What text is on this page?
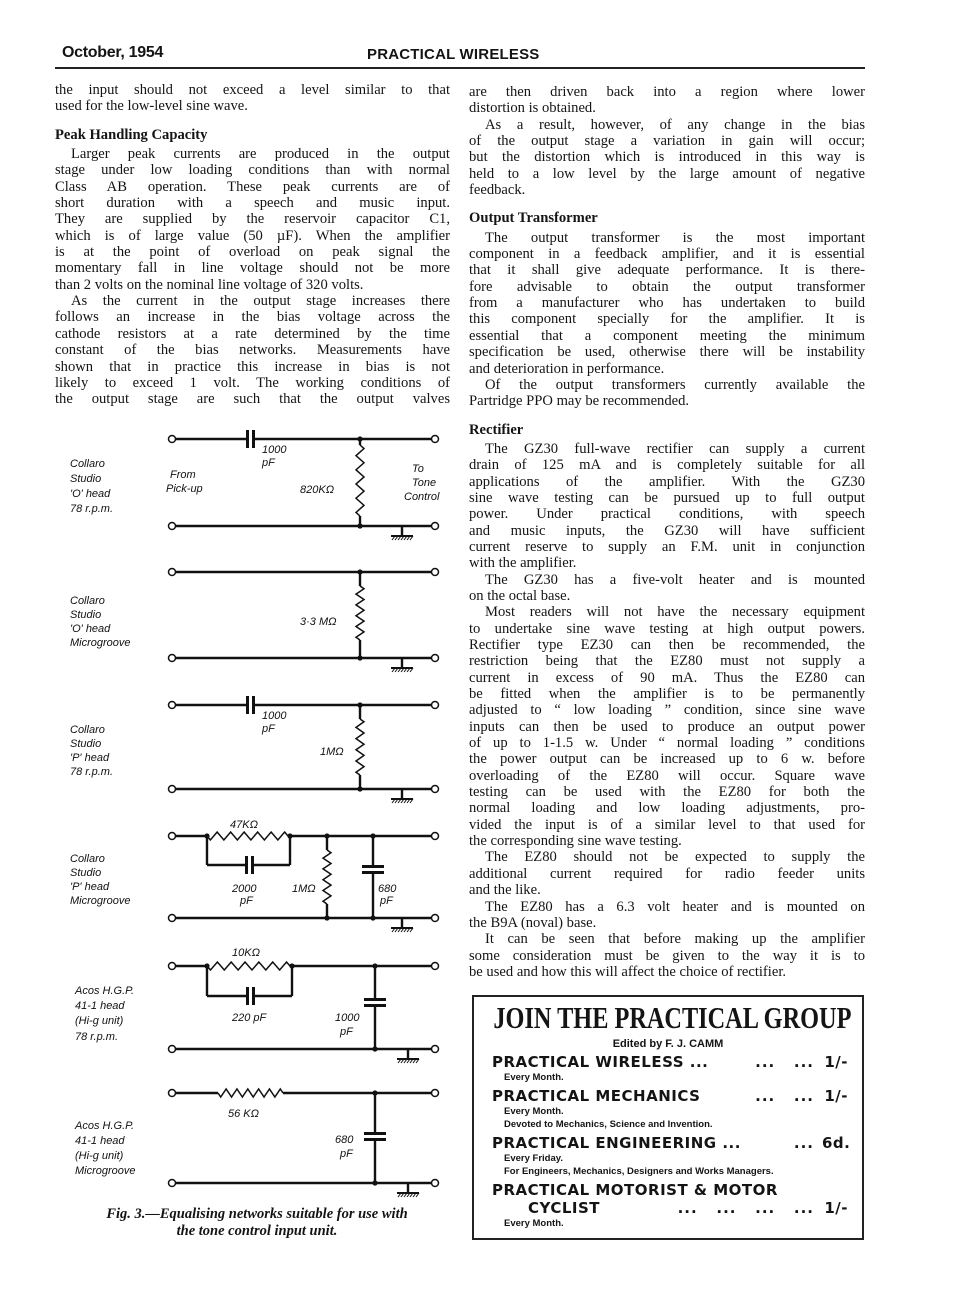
October, 1954	PRACTICAL WIRELESS
the input should not exceed a level similar to that
used for the low-level sine wave.
Peak Handling Capacity
Larger peak currents are produced in the output
stage under low loading conditions than with normal
Class AB operation. These peak currents are of
short duration with a speech and music input.
They are supplied by the reservoir capacitor C1,
which is of large value (50 µF). When the amplifier
is at the point of overload on peak signal the
momentary fall in line voltage should not be more
than 2 volts on the nominal line voltage of 320 volts.
As the current in the output stage increases there
follows an increase in the bias voltage across the
cathode resistors at a rate determined by the time
constant of the bias networks. Measurements have
shown that in practice this increase in bias is not
likely to exceed 1 volt. The working conditions of
the output stage are such that the output valves
are then driven back into a region where lower
distortion is obtained.
As a result, however, of any change in the bias
of the output stage a variation in gain will occur;
but the distortion which is introduced in this way is
held to a low level by the large amount of negative
feedback.
Output Transformer
The output transformer is the most important
component in a feedback amplifier, and it is essential
that it shall give adequate performance. It is there-
fore advisable to obtain the output transformer
from a manufacturer who has undertaken to build
this component specially for the amplifier. It is
essential that a component meeting the minimum
specification be used, otherwise there will be instability
and deterioration in performance.
Of the output transformers currently available the
Partridge PPO may be recommended.
Rectifier
The GZ30 full-wave rectifier can supply a current
drain of 125 mA and is completely suitable for all
applications of the amplifier. With the GZ30
sine wave testing can be pursued up to full output
power. Under practical conditions, with speech
and music inputs, the GZ30 will have sufficient
current reserve to supply an F.M. unit in conjunction
with the amplifier.
The GZ30 has a five-volt heater and is mounted
on the octal base.
Most readers will not have the necessary equipment
to undertake sine wave testing at high output powers.
Rectifier type EZ30 can then be recommended, the
restriction being that the EZ80 must not supply a
current in excess of 90 mA. Thus the EZ80 can
be fitted when the amplifier is to be permanently
adjusted to “ low loading ” condition, since sine wave
inputs can then be used to produce an output power
of up to 1-1.5 w. Under “ normal loading ” conditions
the power output can be increased up to 6 w. before
overloading of the EZ80 will occur. Square wave
testing can be used with the EZ80 for both the
normal loading and low loading adjustments, pro-
vided the input is of a similar level to that used for
the corresponding sine wave testing.
The EZ80 should not be expected to supply the
additional current required for radio feeder units
and the like.
The EZ80 has a 6.3 volt heater and is mounted on
the B9A (noval) base.
It can be seen that before making up the amplifier
some consideration must be given to the way it is to
be used and how this will affect the choice of rectifier.
Collaro
Studio
'O' head
78 r.p.m.
1000
pF
From
Pick-up	820KΩ
To
Tone
Control
Collaro
Studio
'O' head
Microgroove
3·3 MΩ
Collaro
Studio
'P' head
78 r.p.m.
1000
pF
1MΩ
Collaro
Studio
'P' head
Microgroove
47KΩ
2000
pF
1MΩ	680
pF
Acos H.G.P.
41-1 head
(Hi-g unit)
78 r.p.m.
10KΩ
220 pF	1000
pF
Acos H.G.P.
41-1 head
(Hi-g unit)
Microgroove
56 KΩ
680
pF
Fig. 3.—Equalising networks suitable for use with
the tone control input unit.
JOIN THE PRACTICAL GROUP
Edited by F. J. CAMM
PRACTICAL WIRELESS ...	...   ... 1/-
Every Month.
PRACTICAL MECHANICS	...   ... 1/-
Every Month.
Devoted to Mechanics, Science and Invention.
PRACTICAL ENGINEERING ...	... 6d.
Every Friday.
For Engineers, Mechanics, Designers and Works Managers.
PRACTICAL MOTORIST & MOTOR
CYCLIST	...   ...   ...   ... 1/-
Every Month.
